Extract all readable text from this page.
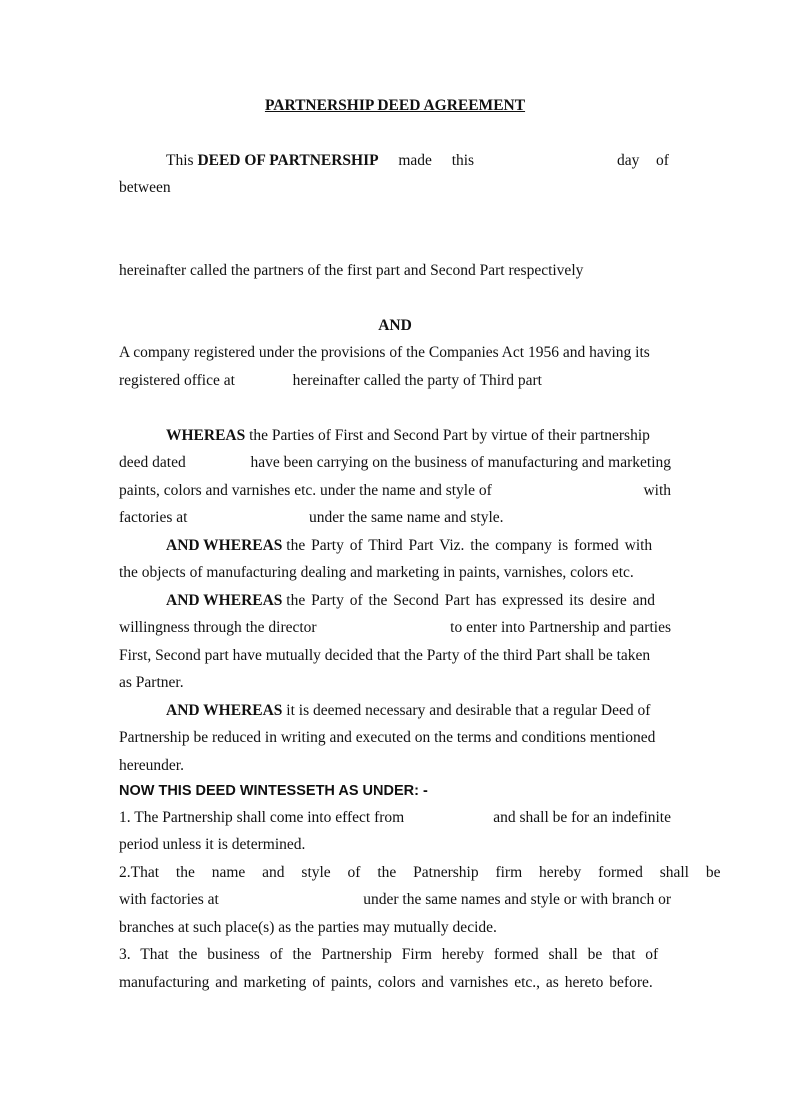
PARTNERSHIP DEED AGREEMENT
This DEED OF PARTNERSHIP made this	day of
between
hereinafter called the partners of the first part and Second Part respectively
AND
A company registered under the provisions of the Companies Act 1956 and having its
registered office at	hereinafter called the party of Third part
WHEREAS the Parties of First and Second Part by virtue of their partnership
deed dated	have been carrying on the business of manufacturing and marketing
paints, colors and varnishes etc. under the name and style of	with
factories at	under the same name and style.
AND WHEREAS the Party of Third Part Viz. the company is formed with
the objects of manufacturing dealing and marketing in paints, varnishes, colors etc.
AND WHEREAS the Party of the Second Part has expressed its desire and
willingness through the director	to enter into Partnership and parties
First, Second part have mutually decided that the Party of the third Part shall be taken
as Partner.
AND WHEREAS it is deemed necessary and desirable that a regular Deed of
Partnership be reduced in writing and executed on the terms and conditions mentioned
hereunder.
NOW THIS DEED WINTESSETH AS UNDER: -
1. The Partnership shall come into effect from	and shall be for an indefinite
period unless it is determined.
2.That the name and style of the Patnership firm hereby formed shall be
with factories at	under the same names and style or with branch or
branches at such place(s) as the parties may mutually decide.
3. That the business of the Partnership Firm hereby formed shall be that of
manufacturing and marketing of paints, colors and varnishes etc., as hereto before.
